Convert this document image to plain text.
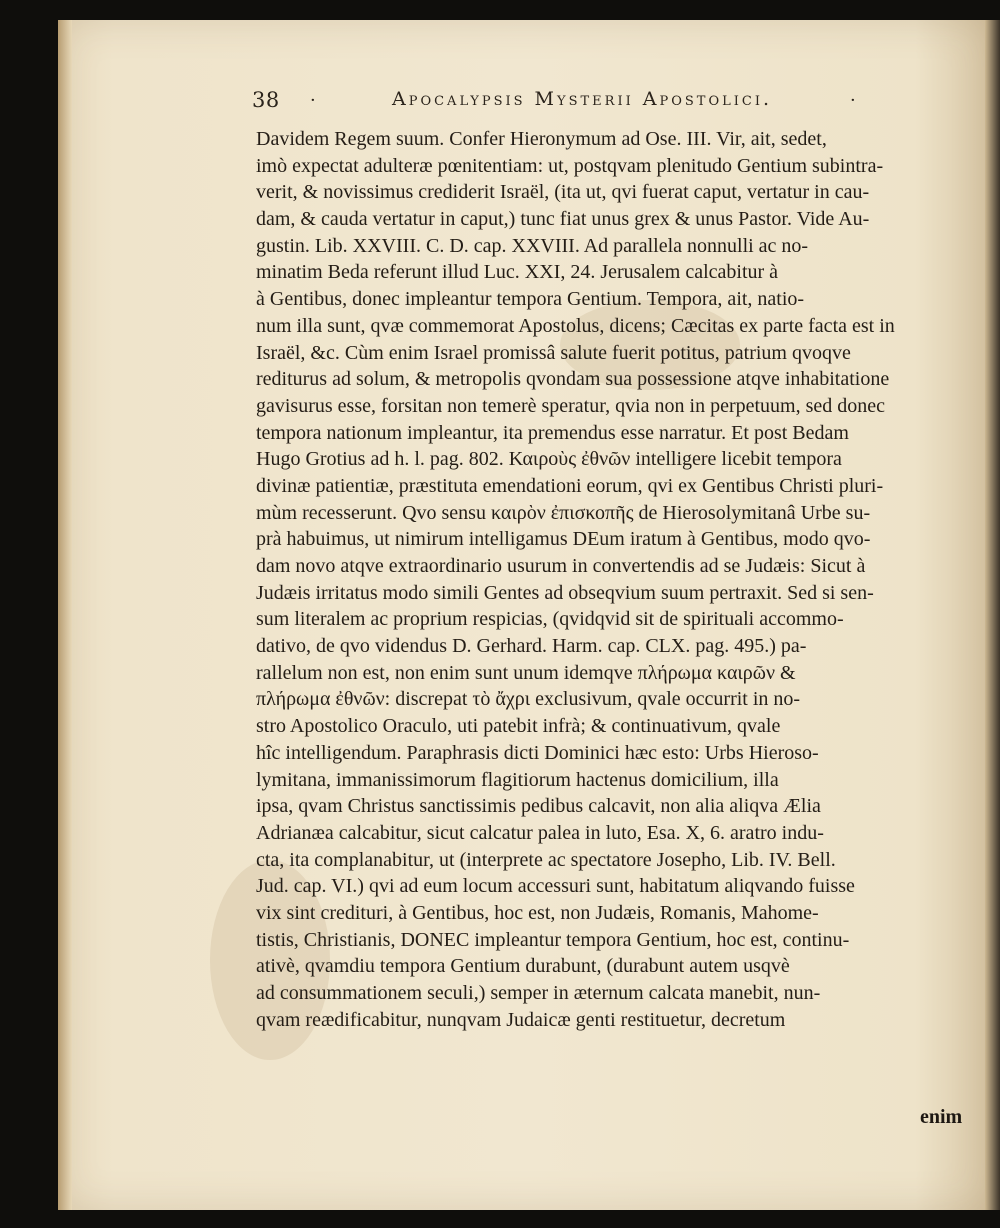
38 ·	Apocalypsis Mysterii Apostolici.	·
Davidem Regem suum. Confer Hieronymum ad Ose. III. Vir, ait, sedet,
imò expectat adulteræ pœnitentiam: ut, postqvam plenitudo Gentium subintra-
verit, & novissimus crediderit Israël, (ita ut, qvi fuerat caput, vertatur in cau-
dam, & cauda vertatur in caput,) tunc fiat unus grex & unus Pastor. Vide Au-
gustin. Lib. XXVIII. C. D. cap. XXVIII. Ad parallela nonnulli ac no-
minatim Beda referunt illud Luc. XXI, 24. Jerusalem calcabitur à
à Gentibus, donec impleantur tempora Gentium. Tempora, ait, natio-
num illa sunt, qvæ commemorat Apostolus, dicens; Cæcitas ex parte facta est in
Israël, &c. Cùm enim Israel promissâ salute fuerit potitus, patrium qvoqve
rediturus ad solum, & metropolis qvondam sua possessione atqve inhabitatione
gavisurus esse, forsitan non temerè speratur, qvia non in perpetuum, sed donec
tempora nationum impleantur, ita premendus esse narratur. Et post Bedam
Hugo Grotius ad h. l. pag. 802. Καιροὺς ἐθνῶν intelligere licebit tempora
divinæ patientiæ, præstituta emendationi eorum, qvi ex Gentibus Christi pluri-
mùm recesserunt. Qvo sensu καιρὸν ἐπισκοπῆς de Hierosolymitanâ Urbe su-
prà habuimus, ut nimirum intelligamus DEum iratum à Gentibus, modo qvo-
dam novo atqve extraordinario usurum in convertendis ad se Judæis: Sicut à
Judæis irritatus modo simili Gentes ad obseqvium suum pertraxit. Sed si sen-
sum literalem ac proprium respicias, (qvidqvid sit de spirituali accommo-
dativo, de qvo videndus D. Gerhard. Harm. cap. CLX. pag. 495.) pa-
rallelum non est, non enim sunt unum idemqve πλήρωμα καιρῶν &
πλήρωμα ἐθνῶν: discrepat τὸ ἄχρι exclusivum, qvale occurrit in no-
stro Apostolico Oraculo, uti patebit infrà; & continuativum, qvale
hîc intelligendum. Paraphrasis dicti Dominici hæc esto: Urbs Hieroso-
lymitana, immanissimorum flagitiorum hactenus domicilium, illa
ipsa, qvam Christus sanctissimis pedibus calcavit, non alia aliqva Ælia
Adrianæa calcabitur, sicut calcatur palea in luto, Esa. X, 6. aratro indu-
cta, ita complanabitur, ut (interprete ac spectatore Josepho, Lib. IV. Bell.
Jud. cap. VI.) qvi ad eum locum accessuri sunt, habitatum aliqvando fuisse
vix sint credituri, à Gentibus, hoc est, non Judæis, Romanis, Mahome-
tistis, Christianis, DONEC impleantur tempora Gentium, hoc est, continu-
ativè, qvamdiu tempora Gentium durabunt, (durabunt autem usqvè
ad consummationem seculi,) semper in æternum calcata manebit, nun-
qvam reædificabitur, nunqvam Judaicæ genti restituetur, decretum
enim
